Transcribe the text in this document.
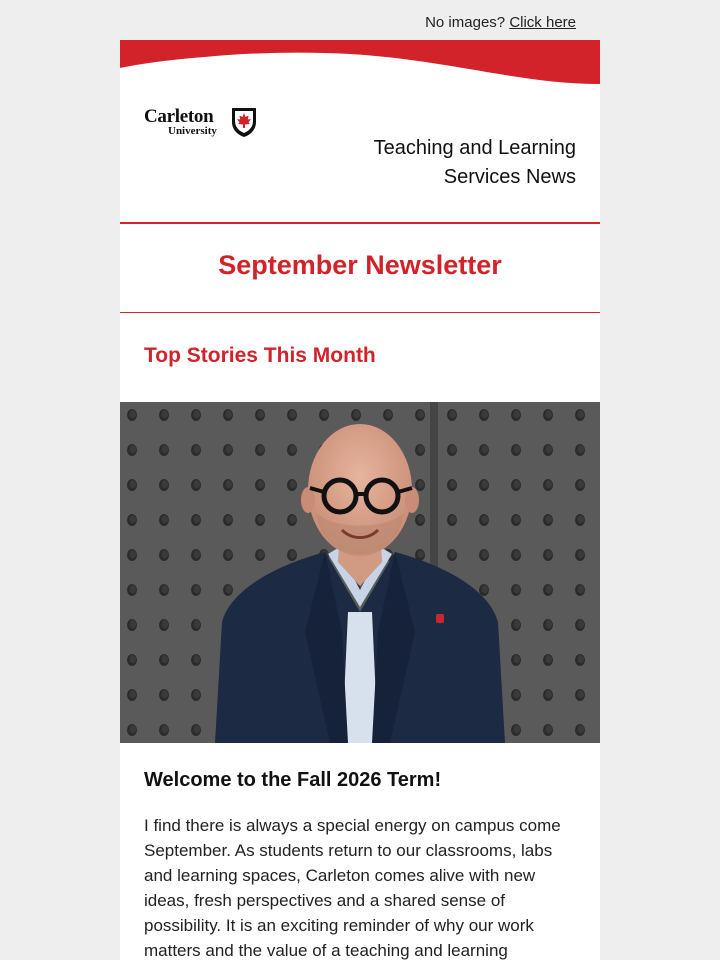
No images? Click here
Carleton
University
Teaching and Learning Services News
September Newsletter
Top Stories This Month
Welcome to the Fall 2026 Term!

I find there is always a special energy on campus come September. As students return to our classrooms, labs and learning spaces, Carleton comes alive with new ideas, fresh perspectives and a shared sense of possibility. It is an exciting reminder of why our work matters and the value of a teaching and learning
